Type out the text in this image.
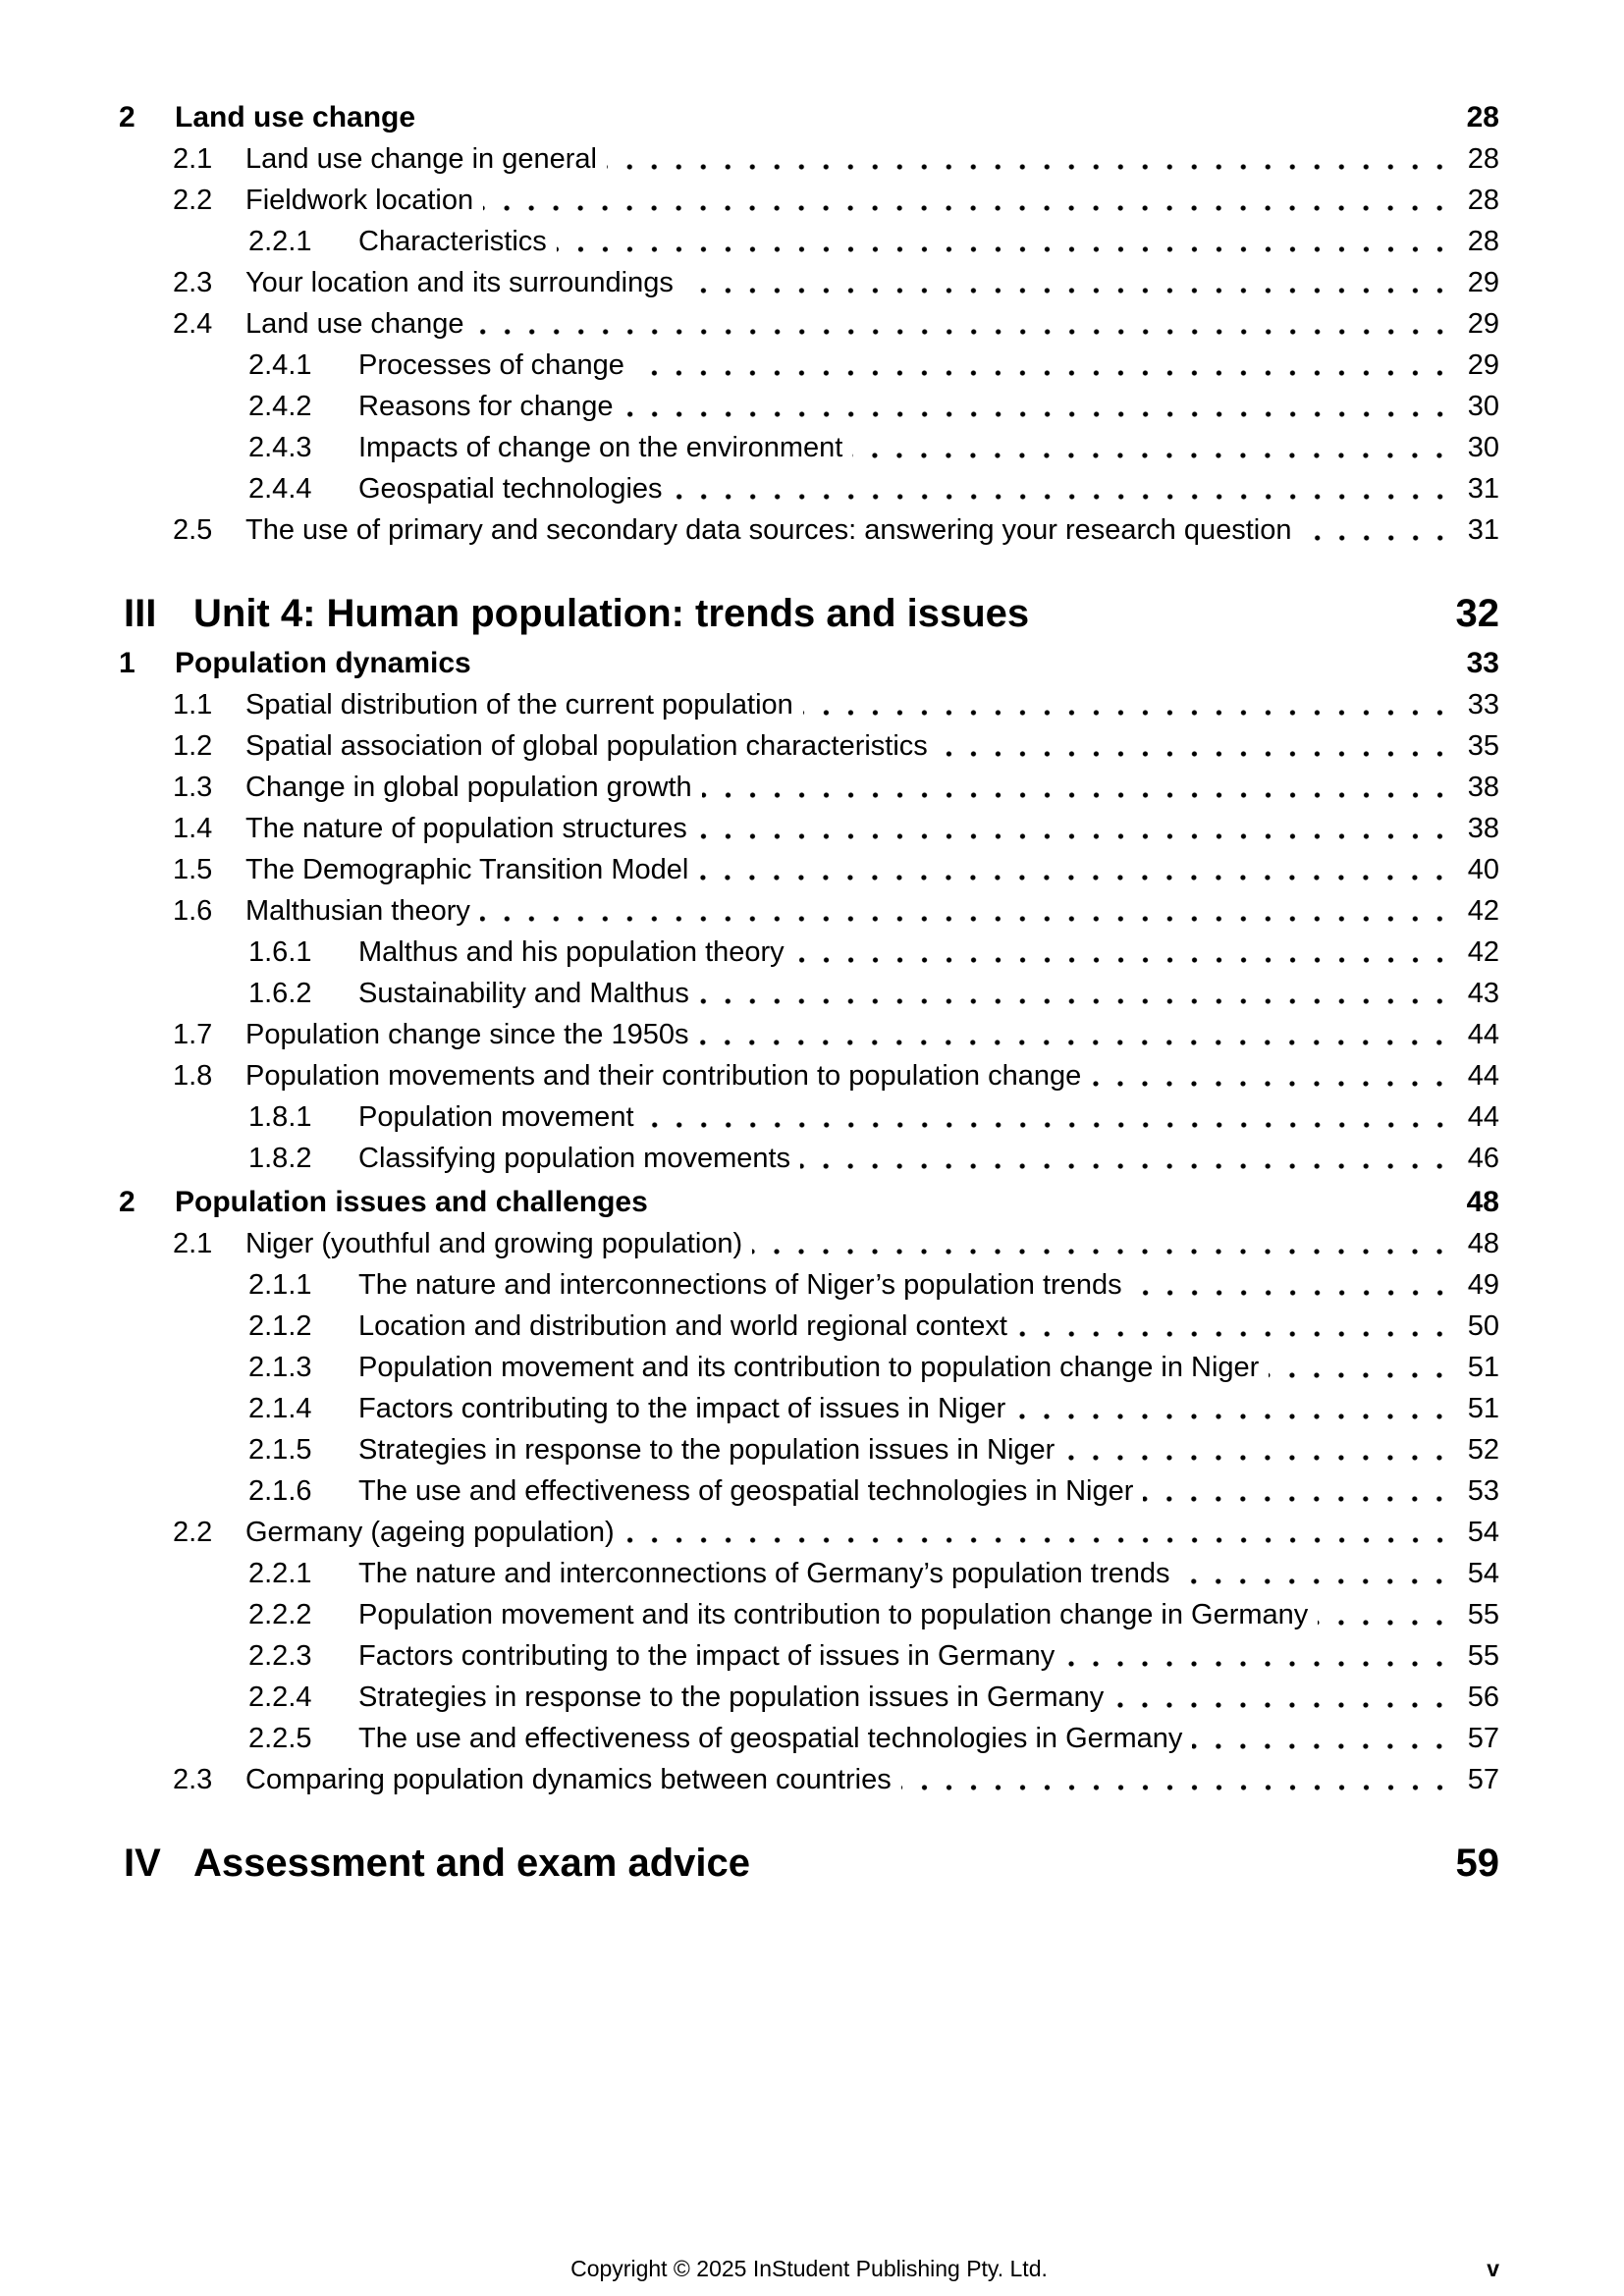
2	Land use change	28
2.1	Land use change in general	28
2.2	Fieldwork location	28
2.2.1	Characteristics	28
2.3	Your location and its surroundings	29
2.4	Land use change	29
2.4.1	Processes of change	29
2.4.2	Reasons for change	30
2.4.3	Impacts of change on the environment	30
2.4.4	Geospatial technologies	31
2.5	The use of primary and secondary data sources: answering your research question	31
III Unit 4: Human population: trends and issues	32
1	Population dynamics	33
1.1	Spatial distribution of the current population	33
1.2	Spatial association of global population characteristics	35
1.3	Change in global population growth	38
1.4	The nature of population structures	38
1.5	The Demographic Transition Model	40
1.6	Malthusian theory	42
1.6.1	Malthus and his population theory	42
1.6.2	Sustainability and Malthus	43
1.7	Population change since the 1950s	44
1.8	Population movements and their contribution to population change	44
1.8.1	Population movement	44
1.8.2	Classifying population movements	46
2	Population issues and challenges	48
2.1	Niger (youthful and growing population)	48
2.1.1	The nature and interconnections of Niger’s population trends	49
2.1.2	Location and distribution and world regional context	50
2.1.3	Population movement and its contribution to population change in Niger	51
2.1.4	Factors contributing to the impact of issues in Niger	51
2.1.5	Strategies in response to the population issues in Niger	52
2.1.6	The use and effectiveness of geospatial technologies in Niger	53
2.2	Germany (ageing population)	54
2.2.1	The nature and interconnections of Germany’s population trends	54
2.2.2	Population movement and its contribution to population change in Germany	55
2.2.3	Factors contributing to the impact of issues in Germany	55
2.2.4	Strategies in response to the population issues in Germany	56
2.2.5	The use and effectiveness of geospatial technologies in Germany	57
2.3	Comparing population dynamics between countries	57
IV Assessment and exam advice	59
Copyright © 2025 InStudent Publishing Pty. Ltd.	v
